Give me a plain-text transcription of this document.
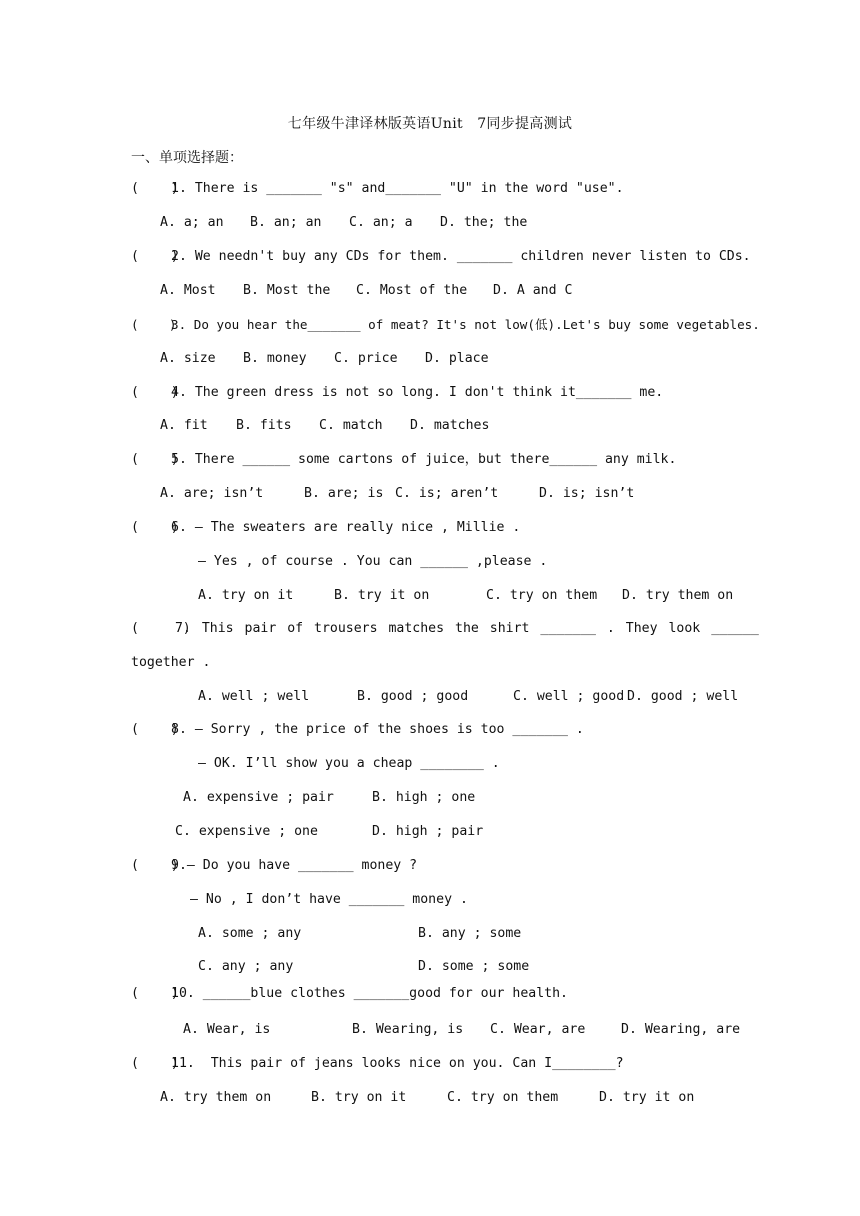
七年级牛津译林版英语Unit　7同步提高测试
一、单项选择题：
(    )1. There is _______ "s" and_______ "U" in the word "use".
A. a; an B. an; an C. an; a D. the; the
(    )2. We needn't buy any CDs for them. _______ children never listen to CDs.
A. Most B. Most the C. Most of the D. A and C
(    )3. Do you hear the_______ of meat? It's not low(低).Let's buy some vegetables.
A. size B. money C. price D. place
(    )4. The green dress is not so long. I don't think it_______ me.
A. fit B. fits C. match D. matches
(    )5. There ______ some cartons of juice，but there______ any milk.
A. are; isn’t	B. are; is C. is; aren’t	D. is; isn’t
(    )6. — The sweaters are really nice , Millie .
— Yes , of course . You can ______ ,please .
A. try on it	B. try it on	C. try on them D. try them on
(    )7. This pair of trousers matches the shirt _______ . They look ______
together .
A. well ; well	B. good ; good	C. well ; good D. good ; well
(    )8. — Sorry , the price of the shoes is too _______ .
— OK. I’ll show you a cheap ________ .
A. expensive ; pair	B. high ; one
C. expensive ; one	D. high ; pair
(    )9.— Do you have _______ money ?
— No , I don’t have _______ money .
A. some ; any	B. any ; some
C. any ; any	D. some ; some
(    )10. ______blue clothes _______good for our health.
A. Wear, is	B. Wearing, is C. Wear, are	D. Wearing, are
(    )11.  This pair of jeans looks nice on you. Can I________?
A. try them on	B. try on it	C. try on them	D. try it on
